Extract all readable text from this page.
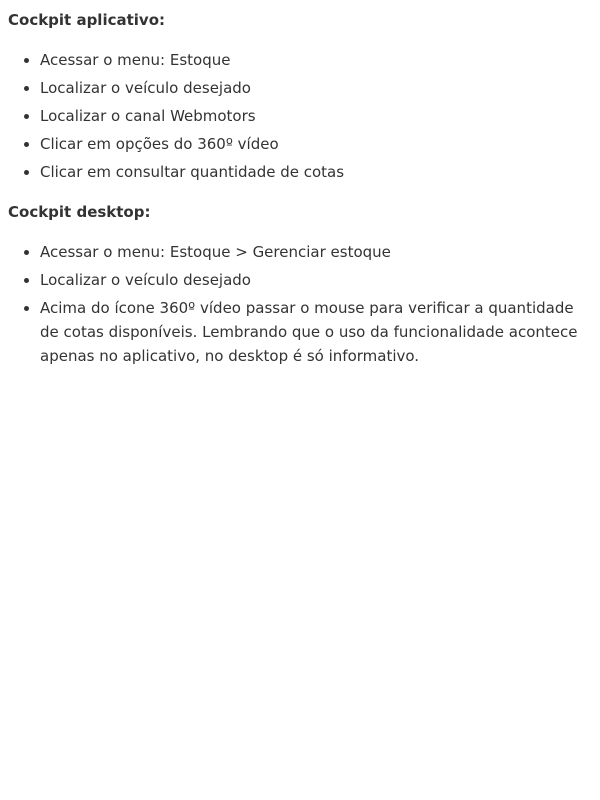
Cockpit aplicativo:

• Acessar o menu: Estoque
• Localizar o veículo desejado
• Localizar o canal Webmotors
• Clicar em opções do 360º vídeo
• Clicar em consultar quantidade de cotas

Cockpit desktop:

• Acessar o menu: Estoque > Gerenciar estoque
• Localizar o veículo desejado
• Acima do ícone 360º vídeo passar o mouse para verificar a quantidade de cotas disponíveis. Lembrando que o uso da funcionalidade acontece apenas no aplicativo, no desktop é só informativo.
